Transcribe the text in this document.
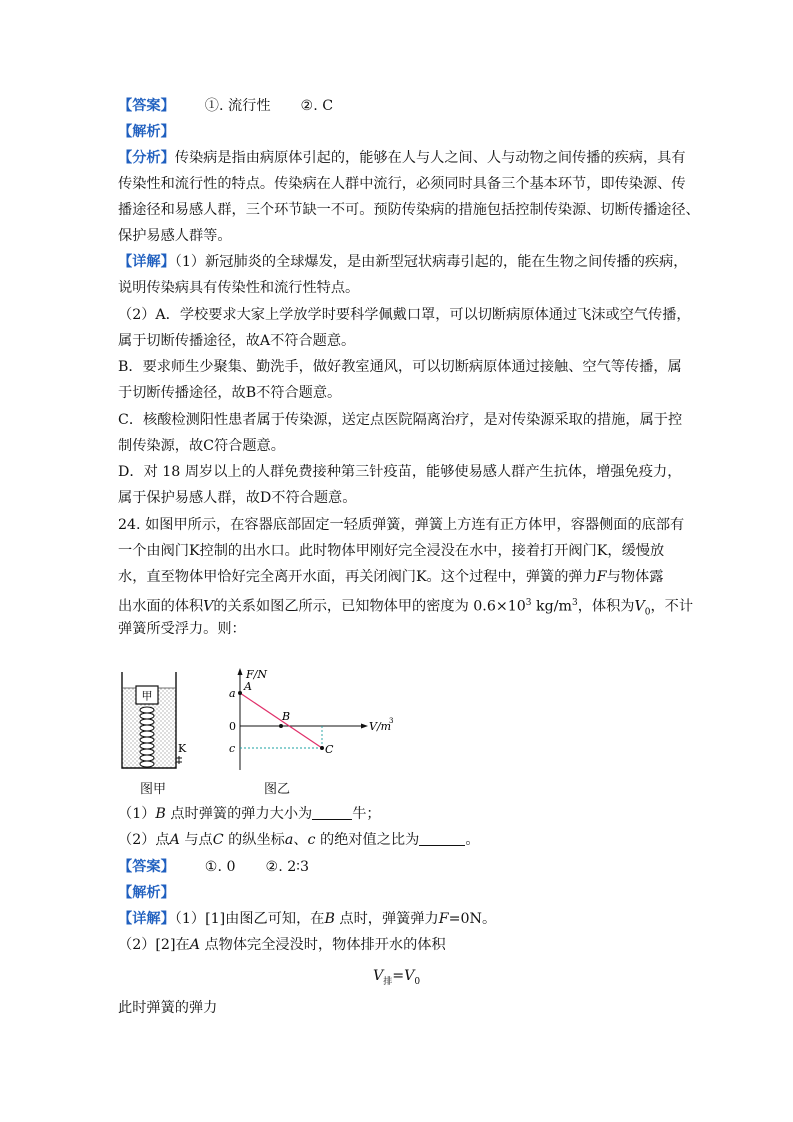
【答案】 ①. 流行性 ②. C
【解析】
【分析】传染病是指由病原体引起的，能够在人与人之间、人与动物之间传播的疾病，具有
传染性和流行性的特点。传染病在人群中流行，必须同时具备三个基本环节，即传染源、传
播途径和易感人群，三个环节缺一不可。预防传染病的措施包括控制传染源、切断传播途径、
保护易感人群等。
【详解】（1）新冠肺炎的全球爆发，是由新型冠状病毒引起的，能在生物之间传播的疾病，
说明传染病具有传染性和流行性特点。
（2）A．学校要求大家上学放学时要科学佩戴口罩，可以切断病原体通过飞沫或空气传播，
属于切断传播途径，故A不符合题意。
B．要求师生少聚集、勤洗手，做好教室通风，可以切断病原体通过接触、空气等传播，属
于切断传播途径，故B不符合题意。
C．核酸检测阳性患者属于传染源，送定点医院隔离治疗，是对传染源采取的措施，属于控
制传染源，故C符合题意。
D．对 18 周岁以上的人群免费接种第三针疫苗，能够使易感人群产生抗体，增强免疫力，
属于保护易感人群，故D不符合题意。
24. 如图甲所示，在容器底部固定一轻质弹簧，弹簧上方连有正方体甲，容器侧面的底部有
一个由阀门K控制的出水口。此时物体甲刚好完全浸没在水中，接着打开阀门K，缓慢放
水，直至物体甲恰好完全离开水面，再关闭阀门K。这个过程中，弹簧的弹力F与物体露
出水面的体积V的关系如图乙所示，已知物体甲的密度为 $0.6\times 10^3$ $kg/m^3$，体积为$V_0$，不计
弹簧所受浮力。则：
甲
K
图甲
F/N
V/m
3
0
a
c
A
B
C
图乙
（1）B 点时弹簧的弹力大小为	牛；
（2）点A 与点C 的纵坐标a、c 的绝对值之比为	。
【答案】 ①. 0 ②. 2∶3
【解析】
【详解】（1）[1]由图乙可知，在B 点时，弹簧弹力F=0N。
（2）[2]在A 点物体完全浸没时，物体排开水的体积
$V_排=V_0$
此时弹簧的弹力
